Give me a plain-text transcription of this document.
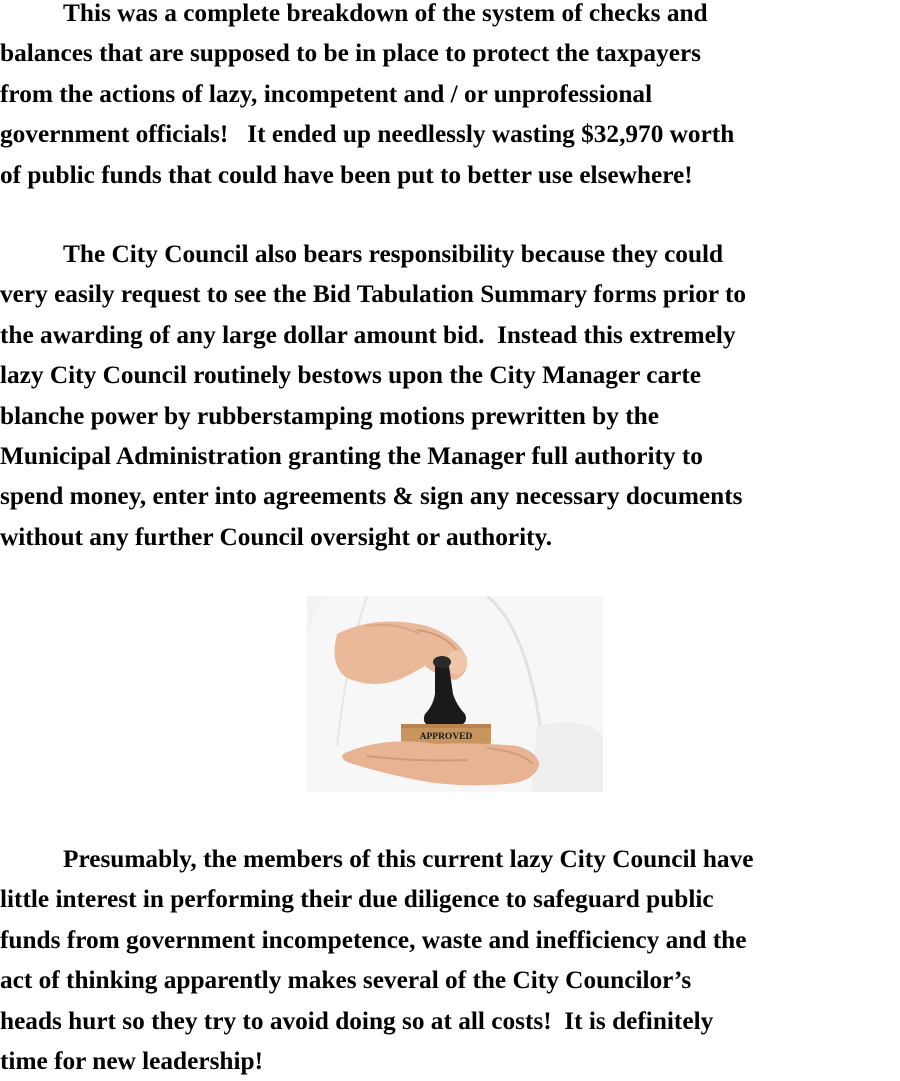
This was a complete breakdown of the system of checks and
balances that are supposed to be in place to protect the taxpayers
from the actions of lazy, incompetent and / or unprofessional
government officials!   It ended up needlessly wasting $32,970 worth
of public funds that could have been put to better use elsewhere!
The City Council also bears responsibility because they could
very easily request to see the Bid Tabulation Summary forms prior to
the awarding of any large dollar amount bid.  Instead this extremely
lazy City Council routinely bestows upon the City Manager carte
blanche power by rubberstamping motions prewritten by the
Municipal Administration granting the Manager full authority to
spend money, enter into agreements & sign any necessary documents
without any further Council oversight or authority.
Presumably, the members of this current lazy City Council have
little interest in performing their due diligence to safeguard public
funds from government incompetence, waste and inefficiency and the
act of thinking apparently makes several of the City Councilor’s
heads hurt so they try to avoid doing so at all costs!  It is definitely
time for new leadership!
APPROVED
